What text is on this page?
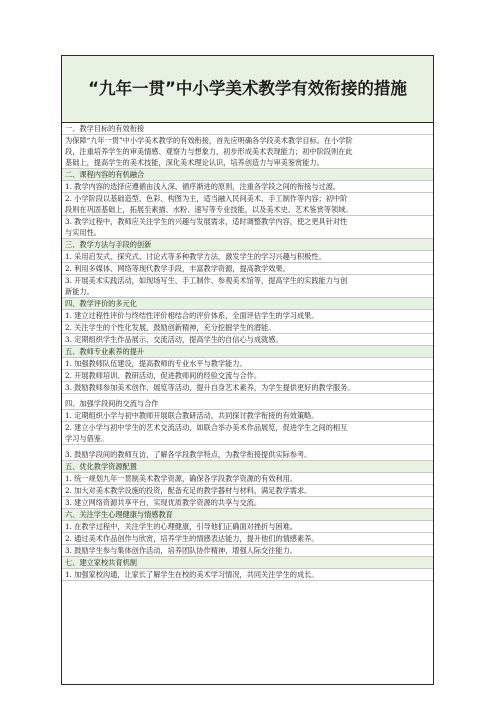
“九年一贯”中小学美术教学有效衔接的措施
一、教学目标的有效衔接
为保障“九年一贯”中小学美术教学的有效衔接，首先应明确各学段美术教学目标。在小学阶
段，注重培养学生的审美情感、观察力与想象力，初步形成美术表现能力；初中阶段则在此
基础上，提高学生的美术技能，深化美术理论认识，培养创造力与审美鉴赏能力。
二、课程内容的有机融合
1. 教学内容的选择应遵循由浅入深、循序渐进的原则，注重各学段之间的衔接与过渡。
2. 小学阶段以基础造型、色彩、构图为主，适当融入民间美术、手工制作等内容；初中阶
段则在巩固基础上，拓展至素描、水粉、速写等专业技能，以及美术史、艺术鉴赏等领域。
3. 教学过程中，教师应关注学生的兴趣与发展需求，适时调整教学内容，使之更具针对性
与实用性。
三、教学方法与手段的创新
1. 采用启发式、探究式、讨论式等多种教学方法，激发学生的学习兴趣与积极性。
2. 利用多媒体、网络等现代教学手段，丰富教学资源，提高教学效果。
3. 开展美术实践活动，如现场写生、手工制作、参观美术馆等，提高学生的实践能力与创
新能力。
四、教学评价的多元化
1. 建立过程性评价与终结性评价相结合的评价体系，全面评估学生的学习成果。
2. 关注学生的个性化发展，鼓励创新精神，充分挖掘学生的潜能。
3. 定期组织学生作品展示、交流活动，提高学生的自信心与成就感。
五、教师专业素养的提升
1. 加强教师队伍建设，提高教师的专业水平与教学能力。
2. 开展教师培训、教研活动，促进教师间的经验交流与合作。
3. 鼓励教师参加美术创作、展览等活动，提升自身艺术素养，为学生提供更好的教学服务。
四、加强学段间的交流与合作
1. 定期组织小学与初中教师开展联合教研活动，共同探讨教学衔接的有效策略。
2. 建立小学与初中学生的艺术交流活动，如联合举办美术作品展览，促进学生之间的相互
学习与借鉴。
3. 鼓励学段间的教师互访，了解各学段教学特点，为教学衔接提供实际参考。
五、优化教学资源配置
1. 统一规划九年一贯制美术教学资源，确保各学段教学资源的有效利用。
2. 加大对美术教学设施的投资，配备充足的教学器材与材料，满足教学需求。
3. 建立网络资源共享平台，实现优质教学资源的共享与交流。
六、关注学生心理健康与情感教育
1. 在教学过程中，关注学生的心理健康，引导他们正确面对挫折与困难。
2. 通过美术作品创作与欣赏，培养学生的情感表达能力，提升他们的情感素养。
3. 鼓励学生参与集体创作活动，培养团队协作精神，增强人际交往能力。
七、建立家校共育机制
1. 加强家校沟通，让家长了解学生在校的美术学习情况，共同关注学生的成长。
